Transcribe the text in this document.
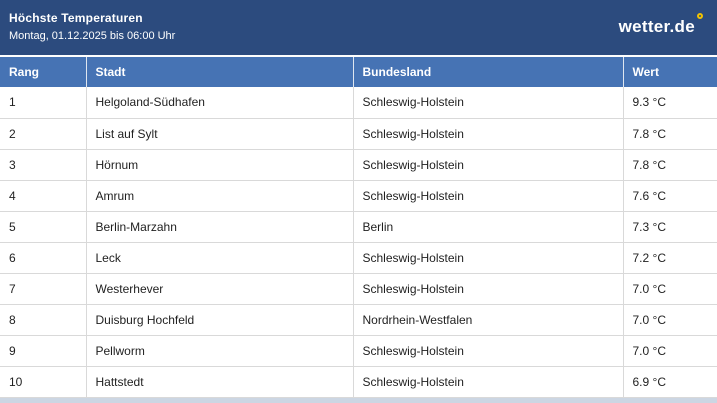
Höchste Temperaturen
Montag, 01.12.2025 bis 06:00 Uhr	wetter.de
Rang	Stadt	Bundesland	Wert
1	Helgoland-Südhafen	Schleswig-Holstein	9.3 °C
2	List auf Sylt	Schleswig-Holstein	7.8 °C
3	Hörnum	Schleswig-Holstein	7.8 °C
4	Amrum	Schleswig-Holstein	7.6 °C
5	Berlin-Marzahn	Berlin	7.3 °C
6	Leck	Schleswig-Holstein	7.2 °C
7	Westerhever	Schleswig-Holstein	7.0 °C
8	Duisburg Hochfeld	Nordrhein-Westfalen	7.0 °C
9	Pellworm	Schleswig-Holstein	7.0 °C
10	Hattstedt	Schleswig-Holstein	6.9 °C
